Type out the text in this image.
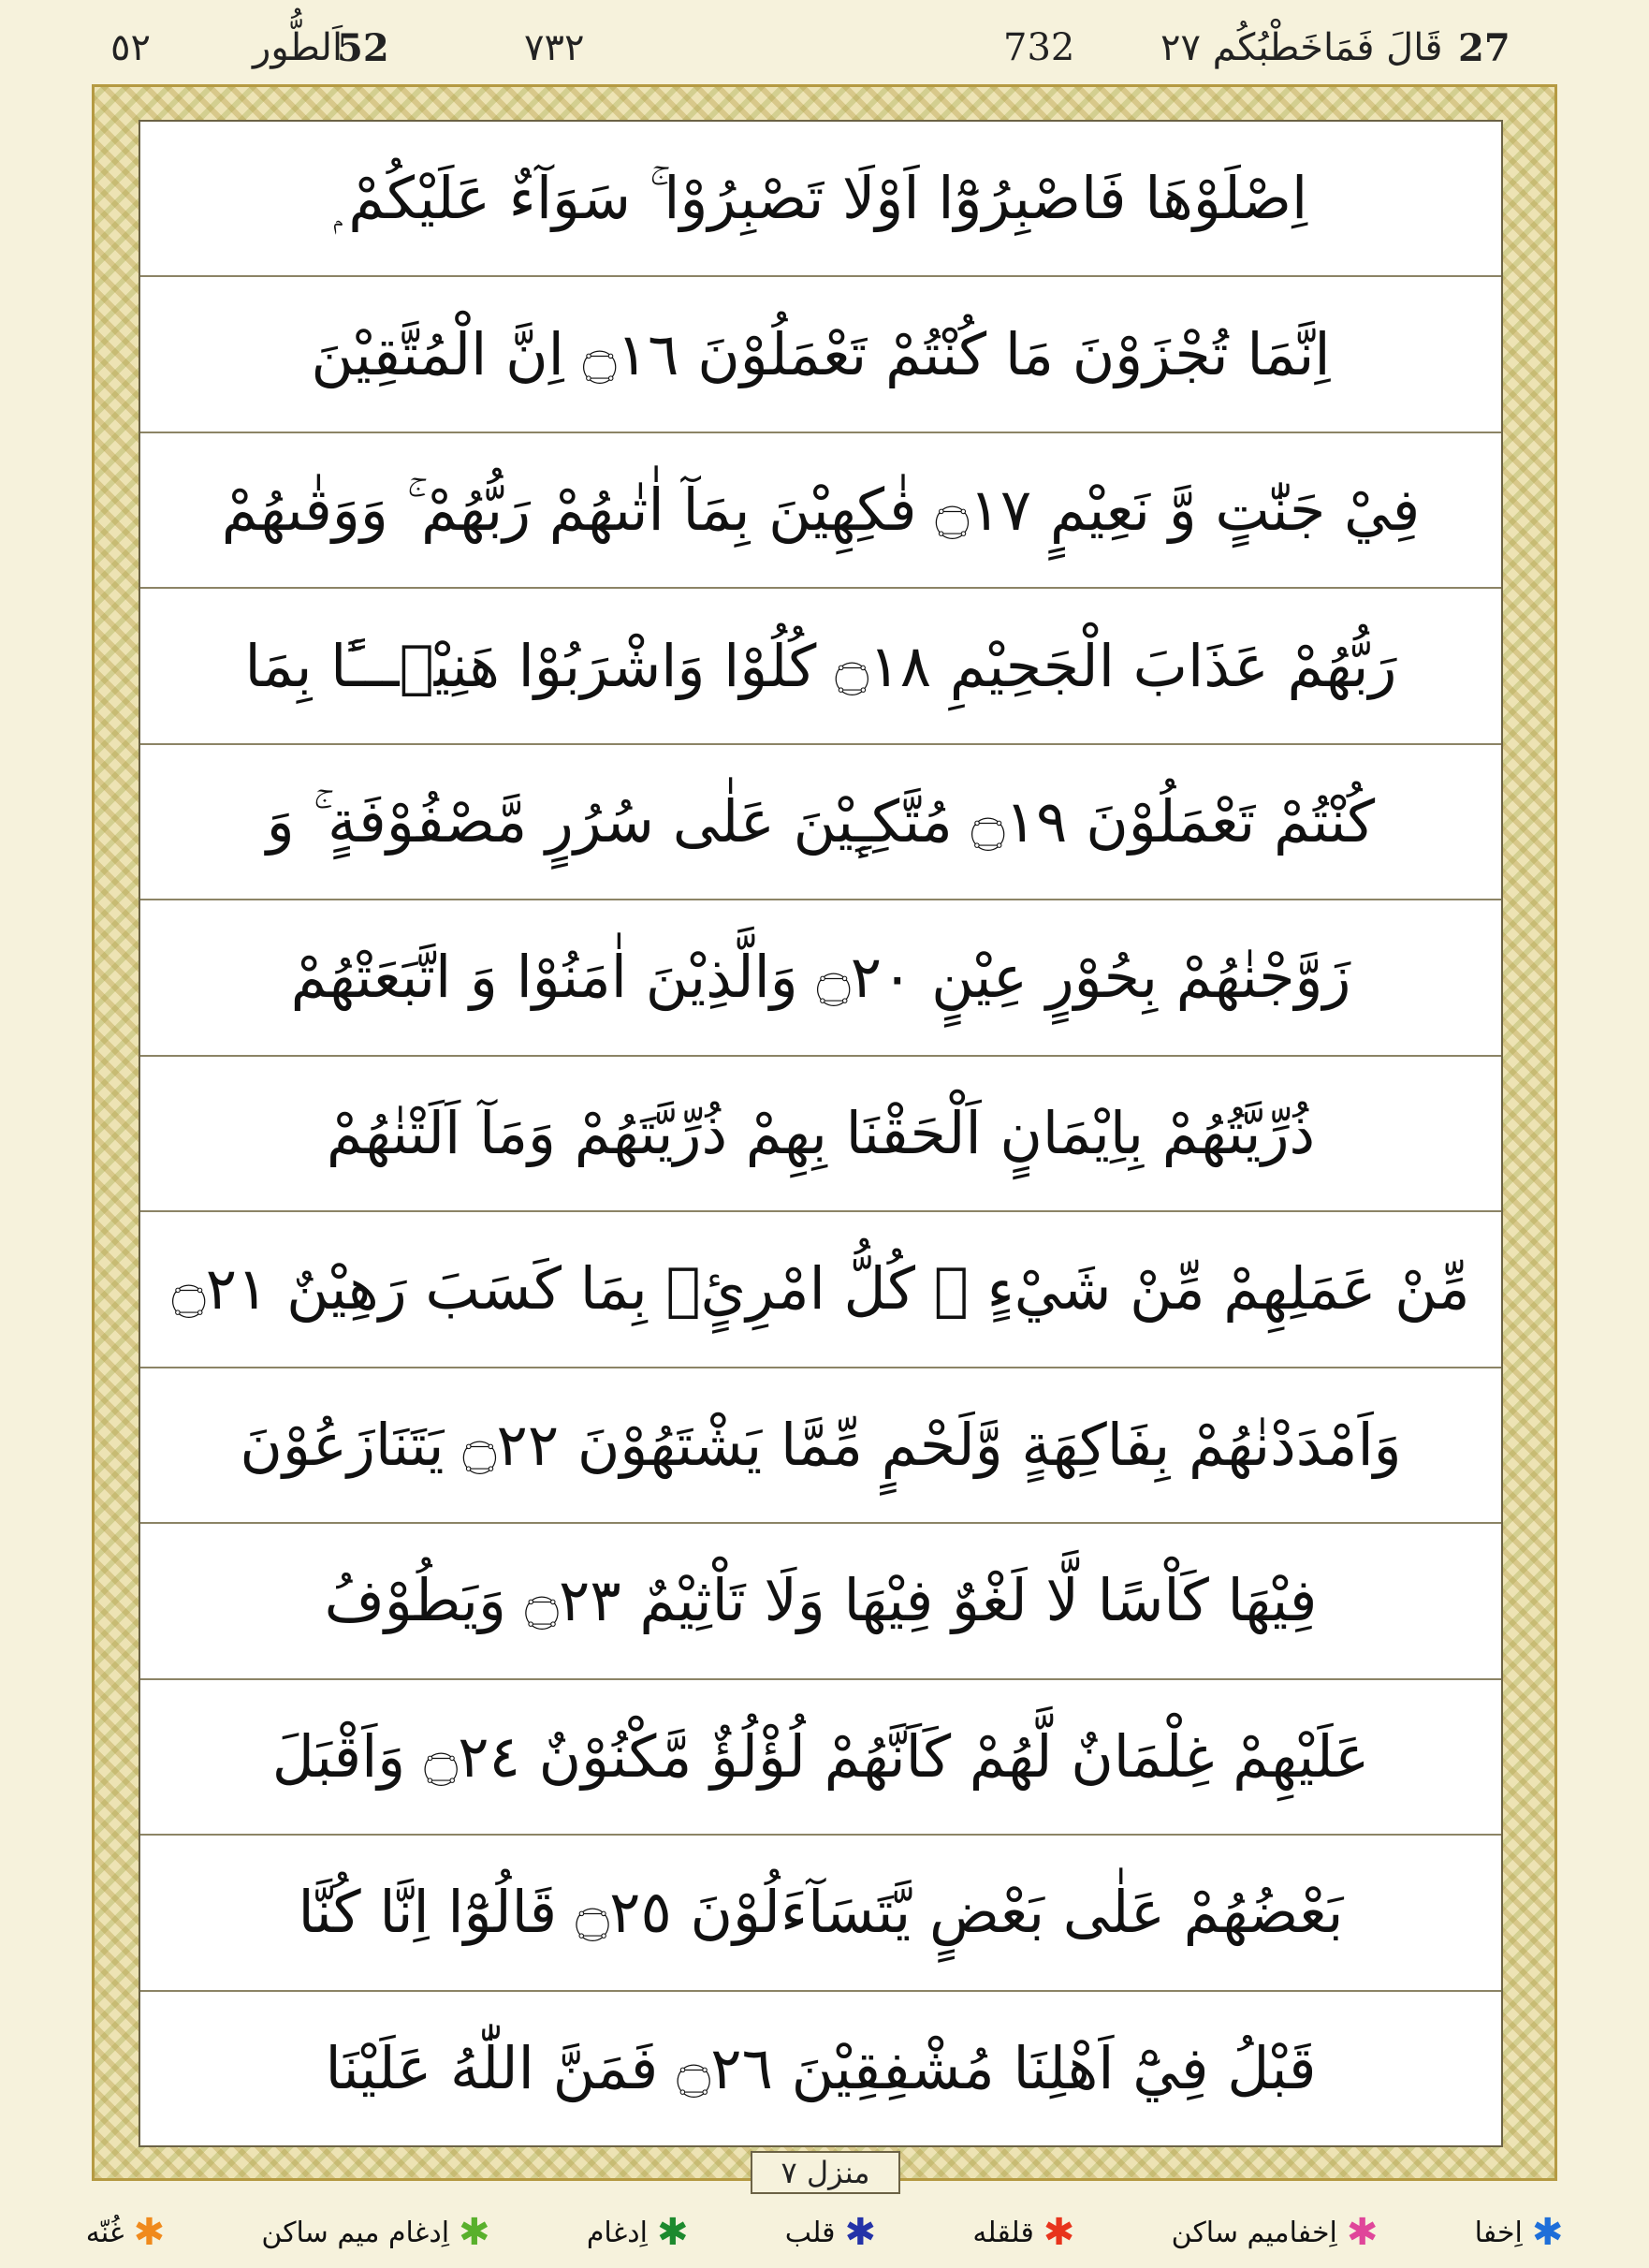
27
قَالَ فَمَاخَطْبُكُم ٢٧
732
٧٣٢
52
اَلطُّور
٥٢
اِصْلَوْهَا فَاصْبِرُوْٓا اَوْلَا تَصْبِرُوْا ۚ سَوَآءٌ عَلَيْكُمْ ۭ
اِنَّمَا تُجْزَوْنَ مَا كُنْتُمْ تَعْمَلُوْنَ ۝١٦ اِنَّ الْمُتَّقِيْنَ
فِيْ جَنّٰتٍ وَّ نَعِيْمٍ ۝١٧ فٰكِهِيْنَ بِمَآ اٰتٰىهُمْ رَبُّهُمْ ۚ وَوَقٰىهُمْ
رَبُّهُمْ عَذَابَ الْجَحِيْمِ ۝١٨ كُلُوْا وَاشْرَبُوْا هَنِيْۗـــًٔا بِمَا
كُنْتُمْ تَعْمَلُوْنَ ۝١٩ مُتَّكِـِٕيْنَ عَلٰى سُرُرٍ مَّصْفُوْفَةٍ ۚ وَ
زَوَّجْنٰهُمْ بِحُوْرٍ عِيْنٍ ۝٢٠ وَالَّذِيْنَ اٰمَنُوْا وَ اتَّبَعَتْهُمْ
ذُرِّيَّتُهُمْ بِاِيْمَانٍ اَلْحَقْنَا بِهِمْ ذُرِّيَّتَهُمْ وَمَآ اَلَتْنٰهُمْ
مِّنْ عَمَلِهِمْ مِّنْ شَيْءٍ ۭ كُلُّ امْرِئٍۢ بِمَا كَسَبَ رَهِيْنٌ ۝٢١
وَاَمْدَدْنٰهُمْ بِفَاكِهَةٍ وَّلَحْمٍ مِّمَّا يَشْتَهُوْنَ ۝٢٢ يَتَنَازَعُوْنَ
فِيْهَا كَاْسًا لَّا لَغْوٌ فِيْهَا وَلَا تَاْثِيْمٌ ۝٢٣ وَيَطُوْفُ
عَلَيْهِمْ غِلْمَانٌ لَّهُمْ كَاَنَّهُمْ لُؤْلُؤٌ مَّكْنُوْنٌ ۝٢٤ وَاَقْبَلَ
بَعْضُهُمْ عَلٰى بَعْضٍ يَّتَسَآءَلُوْنَ ۝٢٥ قَالُوْٓا اِنَّا كُنَّا
قَبْلُ فِيْٓ اَهْلِنَا مُشْفِقِيْنَ ۝٢٦ فَمَنَّ اللّٰهُ عَلَيْنَا
منزل ٧
✱
اِخفا
✱
اِخفاميم ساكن
✱
قلقله
✱
قلب
✱
اِدغام
✱
اِدغام ميم ساكن
✱
غُنّه
